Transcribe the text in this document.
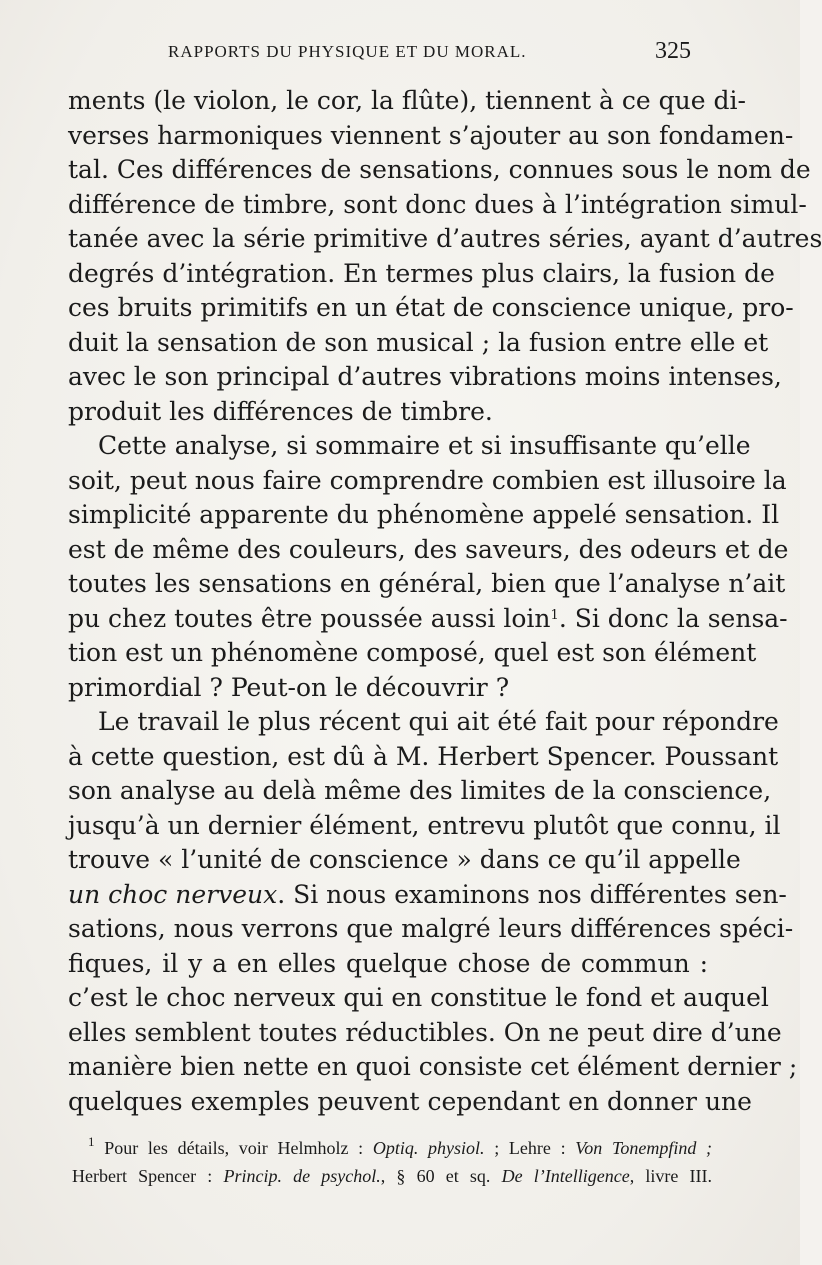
RAPPORTS DU PHYSIQUE ET DU MORAL.	325
ments (le violon, le cor, la flûte), tiennent à ce que di-
verses harmoniques viennent s’ajouter au son fondamen-
tal. Ces différences de sensations, connues sous le nom de
différence de timbre, sont donc dues à l’intégration simul-
tanée avec la série primitive d’autres séries, ayant d’autres
degrés d’intégration. En termes plus clairs, la fusion de
ces bruits primitifs en un état de conscience unique, pro-
duit la sensation de son musical ; la fusion entre elle et
avec le son principal d’autres vibrations moins intenses,
produit les différences de timbre.
Cette analyse, si sommaire et si insuffisante qu’elle
soit, peut nous faire comprendre combien est illusoire la
simplicité apparente du phénomène appelé sensation. Il
est de même des couleurs, des saveurs, des odeurs et de
toutes les sensations en général, bien que l’analyse n’ait
pu chez toutes être poussée aussi loin$^1$. Si donc la sensa-
tion est un phénomène composé, quel est son élément
primordial ? Peut-on le découvrir ?
Le travail le plus récent qui ait été fait pour répondre
à cette question, est dû à M. Herbert Spencer. Poussant
son analyse au delà même des limites de la conscience,
jusqu’à un dernier élément, entrevu plutôt que connu, il
trouve « l’unité de conscience » dans ce qu’il appelle
un choc nerveux. Si nous examinons nos différentes sen-
sations, nous verrons que malgré leurs différences spéci-
fiques, il y a en elles quelque chose de commun :
c’est le choc nerveux qui en constitue le fond et auquel
elles semblent toutes réductibles. On ne peut dire d’une
manière bien nette en quoi consiste cet élément dernier ;
quelques exemples peuvent cependant en donner une
$^1$ Pour les détails, voir Helmholz : Optiq. physiol. ; Lehre : Von Tonempfind ;
Herbert Spencer : Princip. de psychol., § 60 et sq. De l’Intelligence, livre III.
